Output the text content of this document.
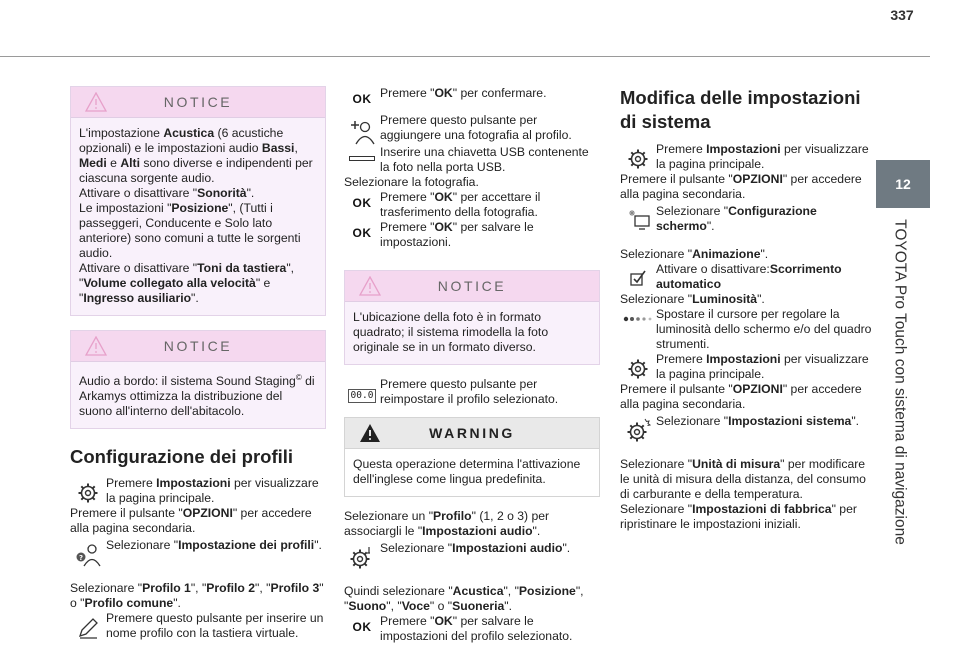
337
12
TOYOTA Pro Touch con sistema di navigazione
NOTICE
L'impostazione Acustica (6 acustiche opzionali) e le impostazioni audio Bassi, Medi e Alti sono diverse e indipendenti per ciascuna sorgente audio.
Attivare o disattivare "Sonorità".
Le impostazioni "Posizione", (Tutti i passeggeri, Conducente e Solo lato anteriore) sono comuni a tutte le sorgenti audio.
Attivare o disattivare "Toni da tastiera", "Volume collegato alla velocità" e "Ingresso ausiliario".
NOTICE
Audio a bordo: il sistema Sound Staging© di Arkamys ottimizza la distribuzione del suono all'interno dell'abitacolo.
Configurazione dei profili
Premere Impostazioni per visualizzare la pagina principale.
Premere il pulsante "OPZIONI" per accedere alla pagina secondaria.
?
Selezionare "Impostazione dei profili".
Selezionare "Profilo 1", "Profilo 2", "Profilo 3" o "Profilo comune".
Premere questo pulsante per inserire un nome profilo con la tastiera virtuale.
OK Premere "OK" per confermare.
Premere questo pulsante per aggiungere una fotografia al profilo.
Inserire una chiavetta USB contenente la foto nella porta USB.
Selezionare la fotografia.
OK Premere "OK" per accettare il trasferimento della fotografia.
OK Premere "OK" per salvare le impostazioni.
NOTICE
L'ubicazione della foto è in formato quadrato; il sistema rimodella la foto originale se in un formato diverso.
00.0
Premere questo pulsante per reimpostare il profilo selezionato.
WARNING
Questa operazione determina l'attivazione dell'inglese come lingua predefinita.
Selezionare un "Profilo" (1, 2 o 3) per associargli le "Impostazioni audio".
Selezionare "Impostazioni audio".
Quindi selezionare "Acustica", "Posizione", "Suono", "Voce" o "Suoneria".
OK Premere "OK" per salvare le impostazioni del profilo selezionato.
Modifica delle impostazioni di sistema
Premere Impostazioni per visualizzare la pagina principale.
Premere il pulsante "OPZIONI" per accedere alla pagina secondaria.
Selezionare "Configurazione schermo".
Selezionare "Animazione".
Attivare o disattivare:Scorrimento automatico
Selezionare "Luminosità".
Spostare il cursore per regolare la luminosità dello schermo e/o del quadro strumenti.
Premere Impostazioni per visualizzare la pagina principale.
Premere il pulsante "OPZIONI" per accedere alla pagina secondaria.
Selezionare "Impostazioni sistema".
Selezionare "Unità di misura" per modificare le unità di misura della distanza, del consumo di carburante e della temperatura.
Selezionare "Impostazioni di fabbrica" per ripristinare le impostazioni iniziali.
